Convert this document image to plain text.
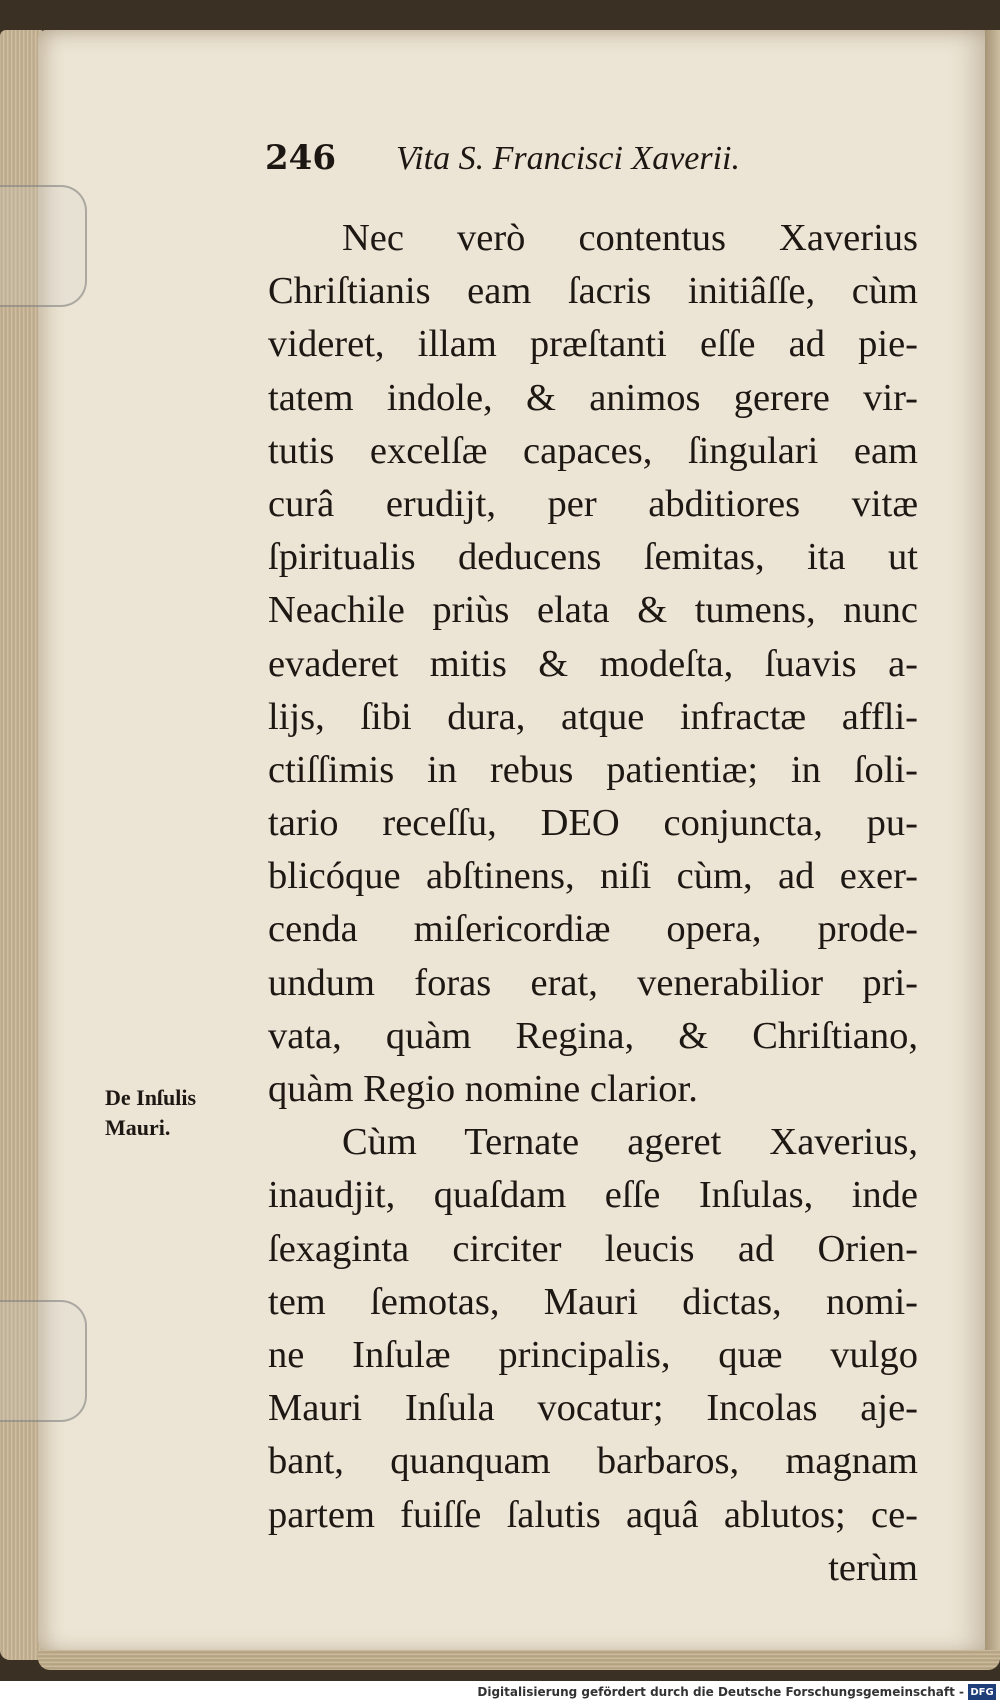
246 Vita S. Francisci Xaverii.
De Inſulis
Mauri.
Nec verò contentus Xaverius
Chriſtianis eam ſacris initiâſſe, cùm
videret, illam præſtanti eſſe ad pie-
tatem indole, & animos gerere vir-
tutis excelſæ capaces, ſingulari eam
curâ erudijt, per abditiores vitæ
ſpiritualis deducens ſemitas, ita ut
Neachile priùs elata & tumens, nunc
evaderet mitis & modeſta, ſuavis a-
lijs, ſibi dura, atque infractæ affli-
ctiſſimis in rebus patientiæ; in ſoli-
tario receſſu, DEO conjuncta, pu-
blicóque abſtinens, niſi cùm, ad exer-
cenda miſericordiæ opera, prode-
undum foras erat, venerabilior pri-
vata, quàm Regina, & Chriſtiano,
quàm Regio nomine clarior.
Cùm Ternate ageret Xaverius,
inaudjit, quaſdam eſſe Inſulas, inde
ſexaginta circiter leucis ad Orien-
tem ſemotas, Mauri dictas, nomi-
ne Inſulæ principalis, quæ vulgo
Mauri Inſula vocatur; Incolas aje-
bant, quanquam barbaros, magnam
partem fuiſſe ſalutis aquâ ablutos; ce-
terùm
Digitalisierung gefördert durch die Deutsche Forschungsgemeinschaft - DFG
